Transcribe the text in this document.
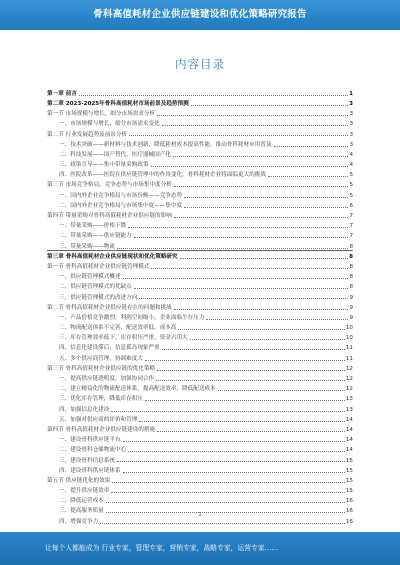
骨科高值耗材企业供应链建设和优化策略研究报告
内容目录
第一章 前言	1
第二章 2023-2025年骨科高值耗材市场前景及趋势预测	3
第一节 市场规模与增长，细分市场需求分析	3
一、市场规模与增长，细分市场需求变化	3
第二节 行业发展趋势及前景分析	3
一、技术突破——新材料与技术创新，降低耗材成本提高性能，推动骨科耗材应用普及	3
二、科技发展——国产替代，医疗器械国产化	4
三、政策引导——集中带量采购政策	4
四、医院改革——医院在供应链管理中的作用变化，骨科耗材企业将面临更大的挑战	5
第三节 市场竞争格局，竞争态势与市场集中度分析	5
一、国内外企业竞争格局与市场份额——竞争态势	5
二、国内外企业竞争格局与市场集中度——集中度	6
第四节 带量采购对骨科高值耗材企业供应链的影响	7
一、带量采购——价格下降	7
二、带量采购——供应链能力	7
三、带量采购——物流	8
第三章 骨科高值耗材企业供应链现状和优化策略研究	8
第一节 骨科高值耗材企业供应链管理模式	8
一、供应链管理模式概述	8
二、供应链管理模式的优缺点	8
三、供应链管理模式的改进方向	9
第二节 骨科高值耗材企业供应链存在的问题和挑战	9
一、产品价格竞争激烈，利润空间缩小，企业面临生存压力	9
二、物流配送体系不完善，配送效率低，成本高	10
三、库存管理效率低下，库存积压严重，资金占用大	10
四、信息化建设滞后，信息孤岛现象严重	11
五、多个供应商管理，协调难度大	11
第三节 骨科高值耗材企业供应链的优化策略	12
一、提高供应链透明度，加强协同合作	12
二、建立精益化的物流配送体系，提高配送效率，降低配送成本	12
三、优化库存管理，降低库存积压	13
四、加强信息化建设	13
五、加强对供应商的评价和管理	14
第四节 骨科高值耗材企业供应链建设的措施	14
一、建设骨科供应链平台	14
二、建设骨科仓储物流中心	14
三、建设骨科信息系统	15
四、建设骨科供应链体系	15
第五节 供应链优化的效果	15
一、提升供应链效率	15
二、降低运营成本	16
三、提高服务质量	16
四、增强竞争力	16
1
让每个人都能成为 行业专家，管理专家，营销专家，战略专家，运营专家……
